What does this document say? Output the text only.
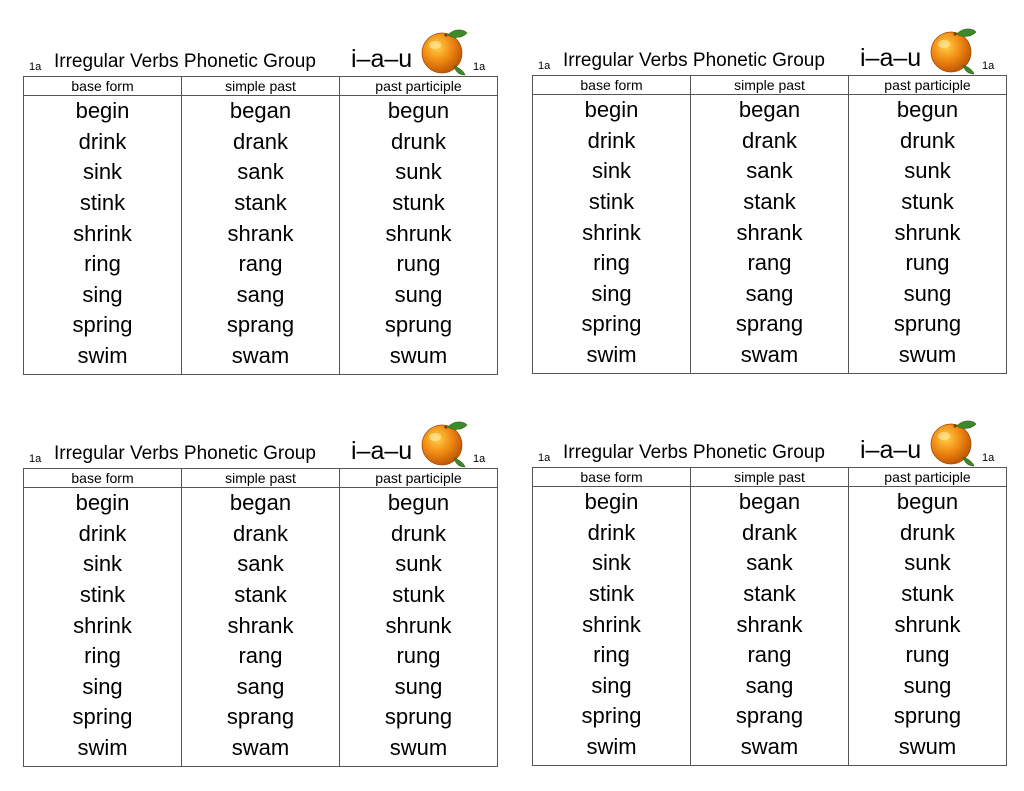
1a Irregular Verbs Phonetic Group i–a–u	1a
base form	simple past	past participle
begin	began	begun
drink	drank	drunk
sink	sank	sunk
stink	stank	stunk
shrink	shrank	shrunk
ring	rang	rung
sing	sang	sung
spring	sprang	sprung
swim	swam	swum
1a Irregular Verbs Phonetic Group i–a–u	1a
base form	simple past	past participle
begin	began	begun
drink	drank	drunk
sink	sank	sunk
stink	stank	stunk
shrink	shrank	shrunk
ring	rang	rung
sing	sang	sung
spring	sprang	sprung
swim	swam	swum
1a Irregular Verbs Phonetic Group i–a–u	1a
base form	simple past	past participle
begin	began	begun
drink	drank	drunk
sink	sank	sunk
stink	stank	stunk
shrink	shrank	shrunk
ring	rang	rung
sing	sang	sung
spring	sprang	sprung
swim	swam	swum
1a Irregular Verbs Phonetic Group i–a–u	1a
base form	simple past	past participle
begin	began	begun
drink	drank	drunk
sink	sank	sunk
stink	stank	stunk
shrink	shrank	shrunk
ring	rang	rung
sing	sang	sung
spring	sprang	sprung
swim	swam	swum
